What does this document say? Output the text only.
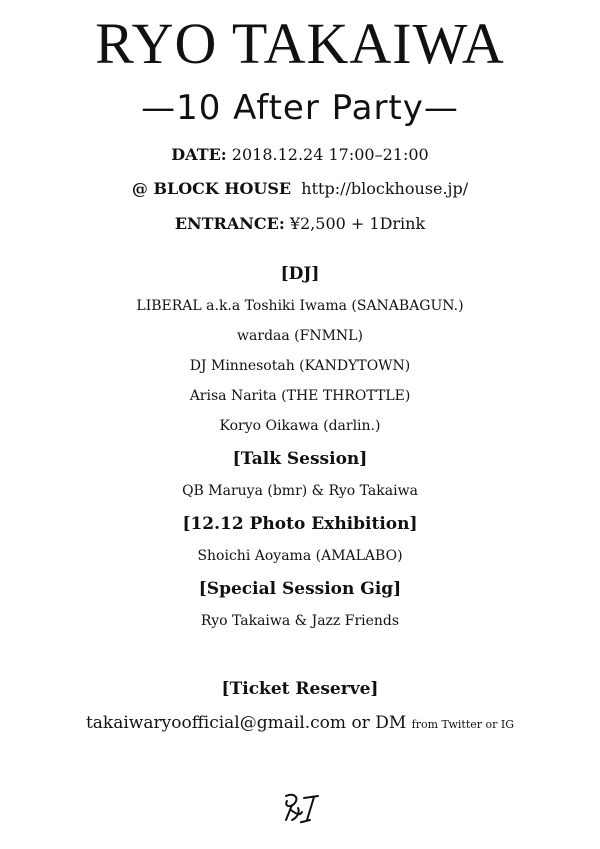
RYO TAKAIWA
—10 After Party—
DATE: 2018.12.24 17:00–21:00
@ BLOCK HOUSE http://blockhouse.jp/
ENTRANCE: ¥2,500 + 1Drink
[DJ]
LIBERAL a.k.a Toshiki Iwama (SANABAGUN.)
wardaa (FNMNL)
DJ Minnesotah (KANDYTOWN)
Arisa Narita (THE THROTTLE)
Koryo Oikawa (darlin.)
[Talk Session]
QB Maruya (bmr) & Ryo Takaiwa
[12.12 Photo Exhibition]
Shoichi Aoyama (AMALABO)
[Special Session Gig]
Ryo Takaiwa & Jazz Friends
[Ticket Reserve]
takaiwaryoofficial@gmail.com or DM from Twitter or IG
